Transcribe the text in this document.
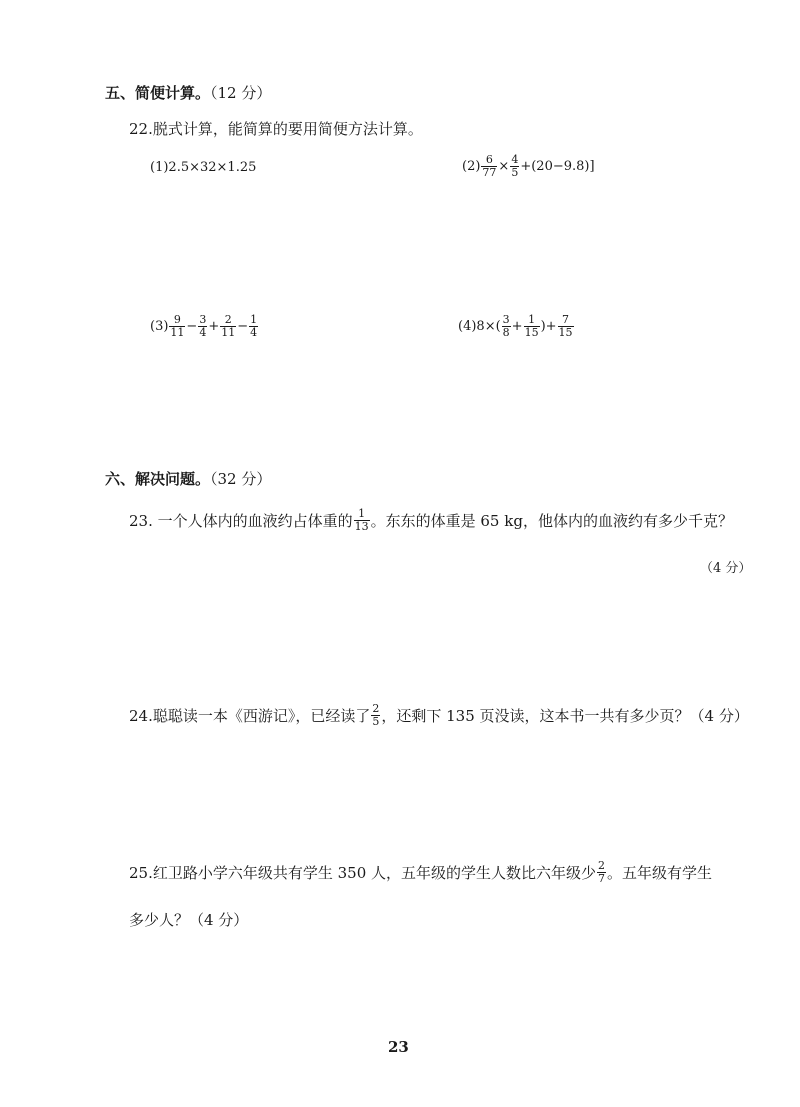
五、简便计算。（12 分）
22.脱式计算，能简算的要用简便方法计算。
(1) 2.5×32×1.25	$(2) \frac{6}{77} \times \frac{4}{5} +(20-9.8)$]
$(3) \frac{9}{11} - \frac{3}{4} + \frac{2}{11} - \frac{1}{4}$	(4) $8\times( \frac{3}{8} + \frac{1}{15}$ )+ $\frac{7}{15}$
六、解决问题。（32 分）
23. 一个人体内的血液约占体重的 $\frac{1}{13}$ 。东东的体重是 65 kg，他体内的血液约有多少千克？
（4 分）
24.聪聪读一本《西游记》，已经读了 $\frac{2}{5}$ ，还剩下 135 页没读，这本书一共有多少页？（4 分）
25.红卫路小学六年级共有学生 350 人，五年级的学生人数比六年级少 $\frac{2}{7}$ 。五年级有学生
多少人？（4 分）
23
